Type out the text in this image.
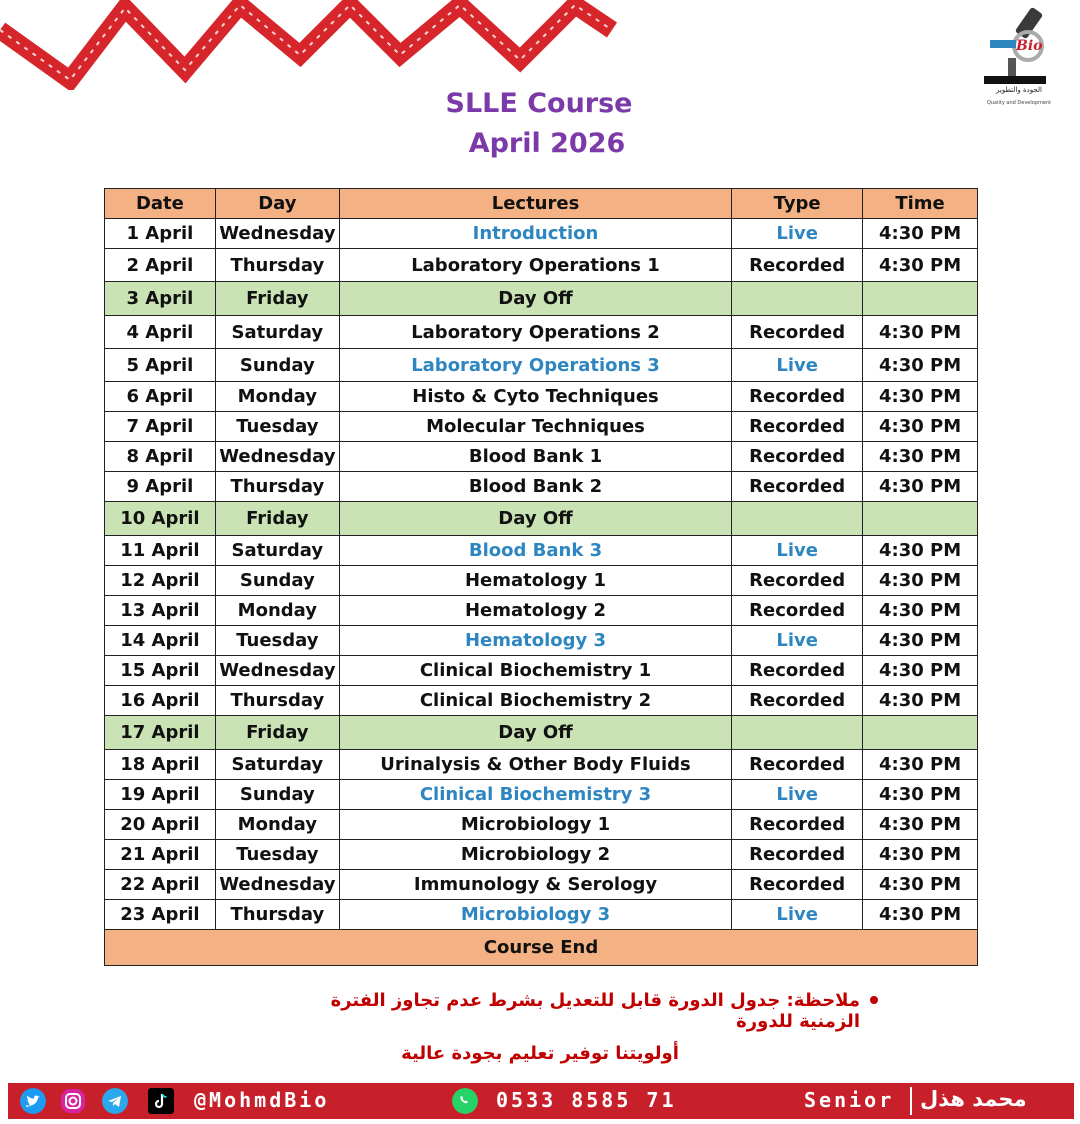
Bio
الجودة والتطوير
Quality and Development
SLLE Course
April 2026
Date	Day	Lectures	Type	Time
1 April	Wednesday	Introduction	Live	4:30 PM
2 April	Thursday	Laboratory Operations 1	Recorded	4:30 PM
3 April	Friday	Day Off		
4 April	Saturday	Laboratory Operations 2	Recorded	4:30 PM
5 April	Sunday	Laboratory Operations 3	Live	4:30 PM
6 April	Monday	Histo & Cyto Techniques	Recorded	4:30 PM
7 April	Tuesday	Molecular Techniques	Recorded	4:30 PM
8 April	Wednesday	Blood Bank 1	Recorded	4:30 PM
9 April	Thursday	Blood Bank 2	Recorded	4:30 PM
10 April	Friday	Day Off		
11 April	Saturday	Blood Bank 3	Live	4:30 PM
12 April	Sunday	Hematology 1	Recorded	4:30 PM
13 April	Monday	Hematology 2	Recorded	4:30 PM
14 April	Tuesday	Hematology 3	Live	4:30 PM
15 April	Wednesday	Clinical Biochemistry 1	Recorded	4:30 PM
16 April	Thursday	Clinical Biochemistry 2	Recorded	4:30 PM
17 April	Friday	Day Off		
18 April	Saturday	Urinalysis & Other Body Fluids	Recorded	4:30 PM
19 April	Sunday	Clinical Biochemistry 3	Live	4:30 PM
20 April	Monday	Microbiology 1	Recorded	4:30 PM
21 April	Tuesday	Microbiology 2	Recorded	4:30 PM
22 April	Wednesday	Immunology & Serology	Recorded	4:30 PM
23 April	Thursday	Microbiology 3	Live	4:30 PM
Course End				
ملاحظة: جدول الدورة قابل للتعديل بشرط عدم تجاوز الفترة الزمنية للدورة
أولويتنا توفير تعليم بجودة عالية
@MohmdBio	0533 8585 71	Senior محمد هذل
